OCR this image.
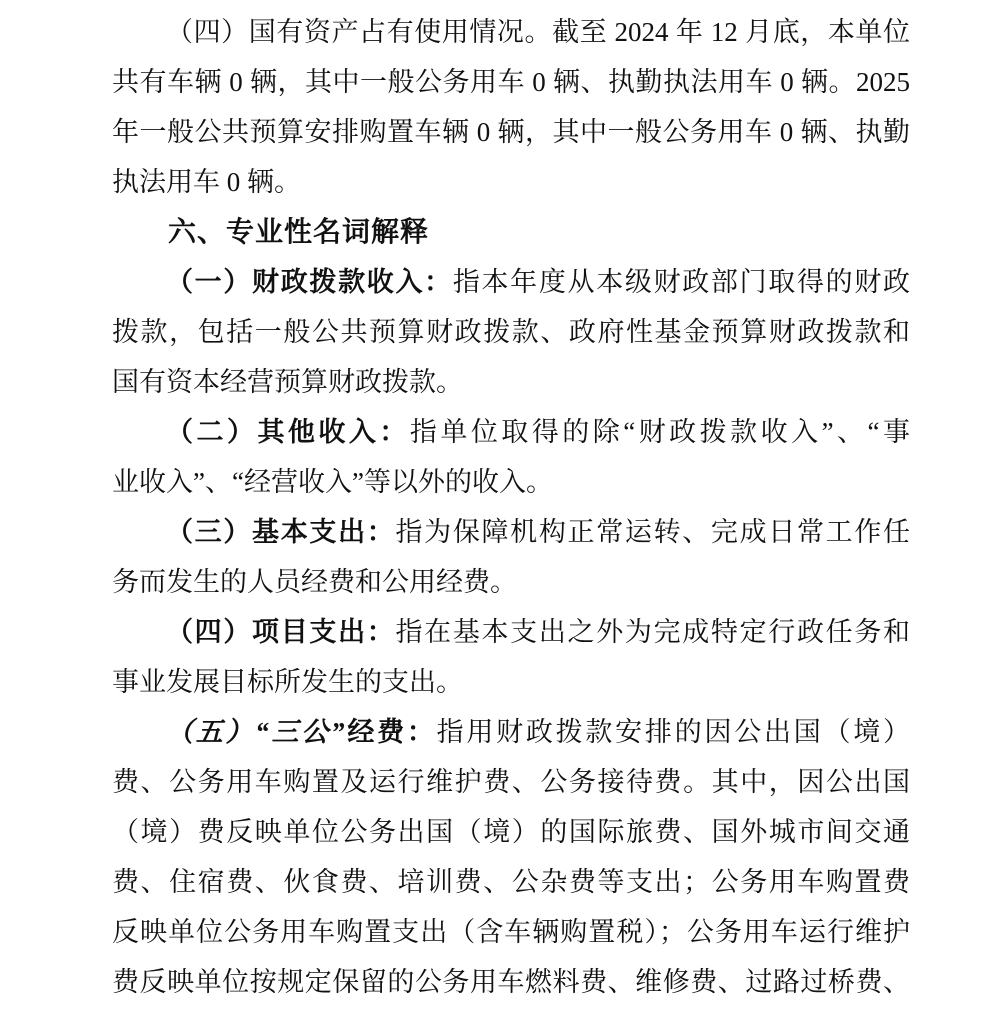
（四）国有资产占有使用情况。截至 2024 年 12 月底，本单位
共有车辆 0 辆，其中一般公务用车 0 辆、执勤执法用车 0 辆。2025
年一般公共预算安排购置车辆 0 辆，其中一般公务用车 0 辆、执勤
执法用车 0 辆。
六、专业性名词解释
（一）财政拨款收入：指本年度从本级财政部门取得的财政
拨款，包括一般公共预算财政拨款、政府性基金预算财政拨款和
国有资本经营预算财政拨款。
（二）其他收入：指单位取得的除“财政拨款收入”、“事
业收入”、“经营收入”等以外的收入。
（三）基本支出：指为保障机构正常运转、完成日常工作任
务而发生的人员经费和公用经费。
（四）项目支出：指在基本支出之外为完成特定行政任务和
事业发展目标所发生的支出。
（五）“三公”经费：指用财政拨款安排的因公出国（境）
费、公务用车购置及运行维护费、公务接待费。其中，因公出国
（境）费反映单位公务出国（境）的国际旅费、国外城市间交通
费、住宿费、伙食费、培训费、公杂费等支出；公务用车购置费
反映单位公务用车购置支出（含车辆购置税）；公务用车运行维护
费反映单位按规定保留的公务用车燃料费、维修费、过路过桥费、
